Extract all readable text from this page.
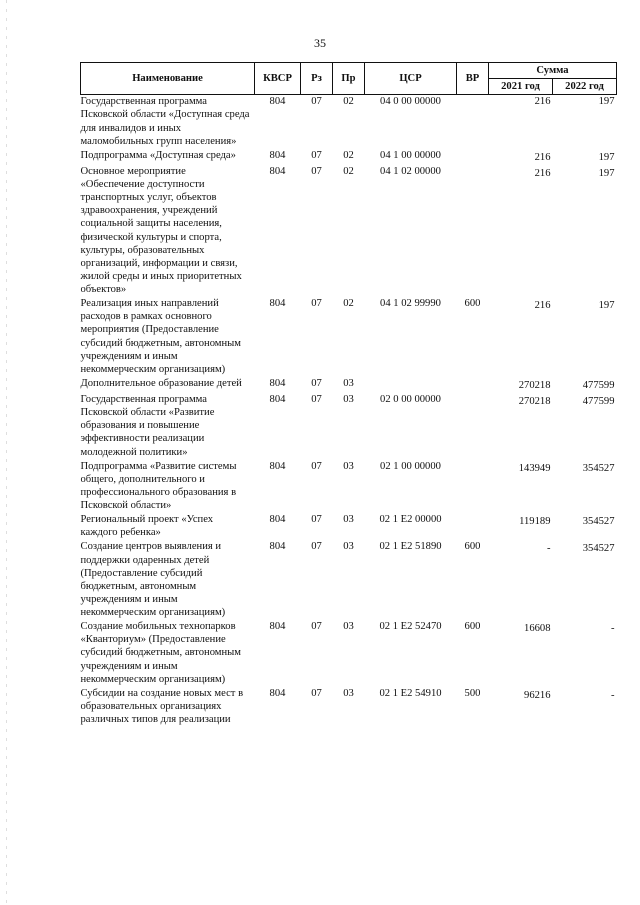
35
Наименование	КВСР	Рз	Пр	ЦСР	ВР	Сумма	
						2021 год	2022 год
Государственная программа Псковской области «Доступная среда для инвалидов и иных маломобильных групп населения»	804	07	02	04 0 00 00000		216	197
Подпрограмма «Доступная среда»	804	07	02	04 1 00 00000		216	197
Основное мероприятие «Обеспечение доступности транспортных услуг, объектов здравоохранения, учреждений социальной защиты населения, физической культуры и спорта, культуры, образовательных организаций, информации и связи, жилой среды и иных приоритетных объектов»	804	07	02	04 1 02 00000		216	197
Реализация иных направлений расходов в рамках основного мероприятия (Предоставление субсидий бюджетным, автономным учреждениям и иным некоммерческим организациям)	804	07	02	04 1 02 99990	600	216	197
Дополнительное образование детей	804	07	03			270218	477599
Государственная программа Псковской области «Развитие образования и повышение эффективности реализации молодежной политики»	804	07	03	02 0 00 00000		270218	477599
Подпрограмма «Развитие системы общего, дополнительного и профессионального образования в Псковской области»	804	07	03	02 1 00 00000		143949	354527
Региональный проект «Успех каждого ребенка»	804	07	03	02 1 E2 00000		119189	354527
Создание центров выявления и поддержки одаренных детей (Предоставление субсидий бюджетным, автономным учреждениям и иным некоммерческим организациям)	804	07	03	02 1 E2 51890	600	-	354527
Создание мобильных технопарков «Кванториум» (Предоставление субсидий бюджетным, автономным учреждениям и иным некоммерческим организациям)	804	07	03	02 1 E2 52470	600	16608	-
Субсидии на создание новых мест в образовательных организациях различных типов для реализации	804	07	03	02 1 E2 54910	500	96216	-
